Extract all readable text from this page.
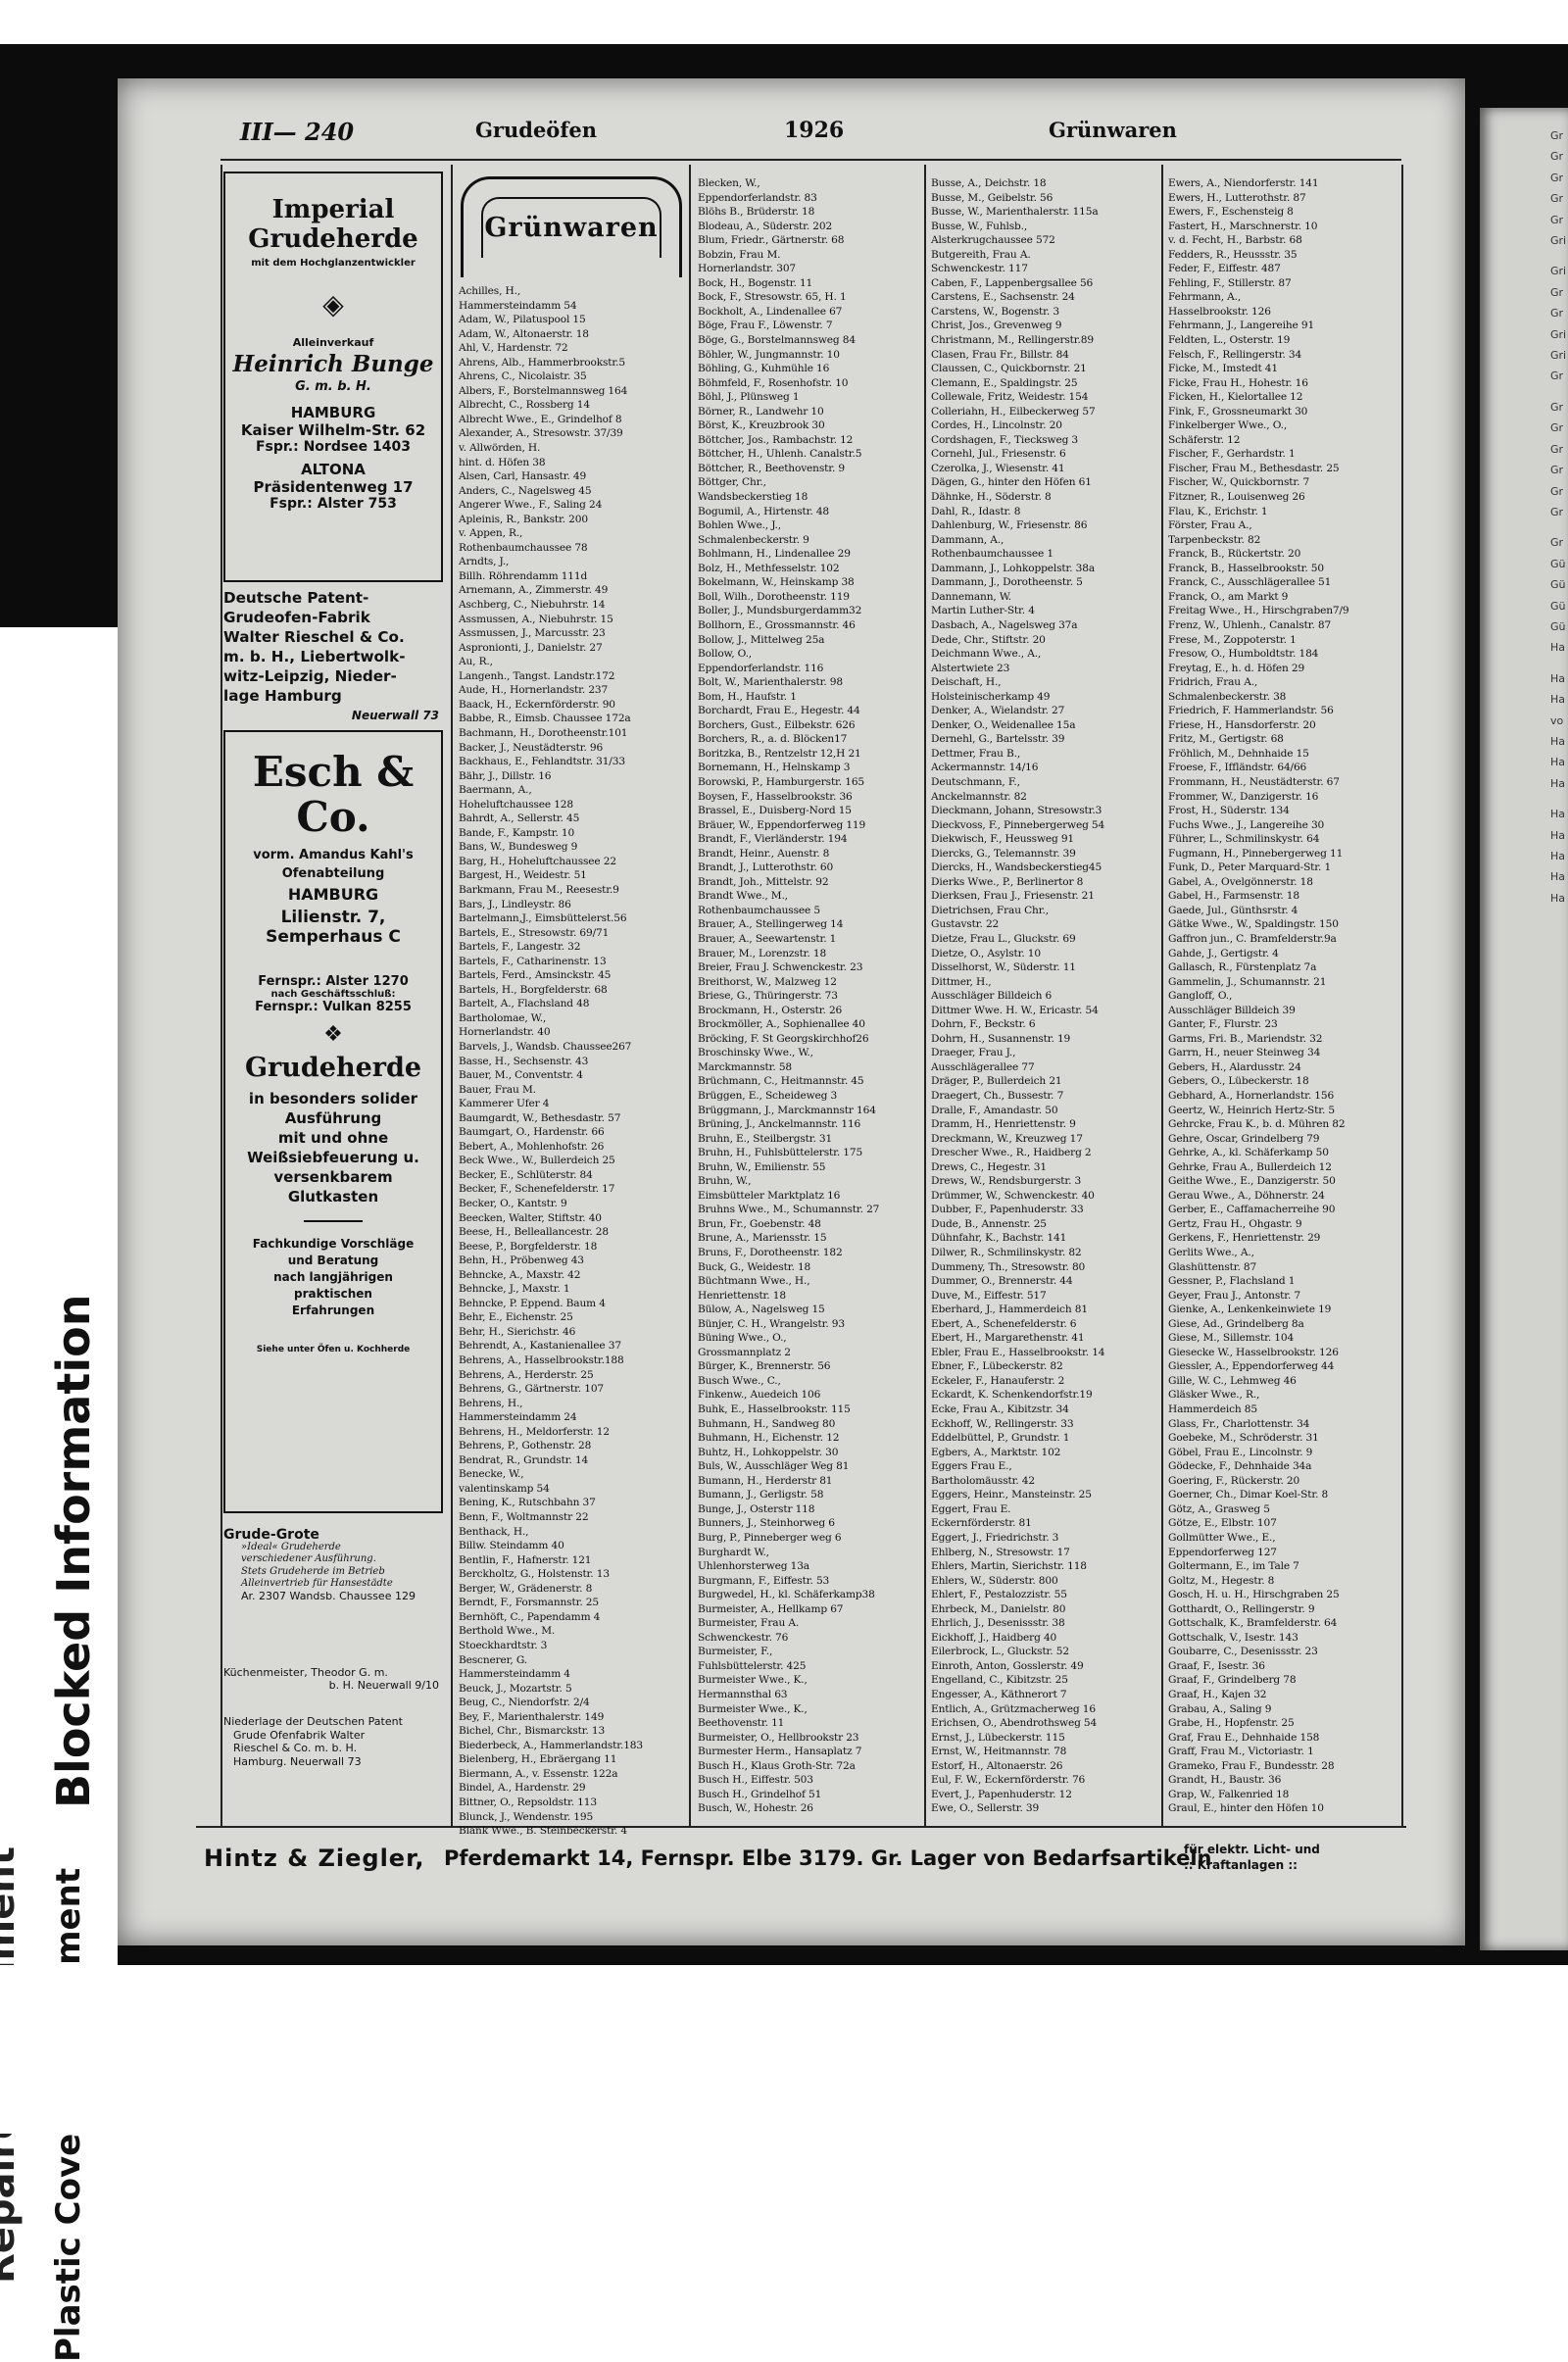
Blocked Information
Gr
Gr
Gr
Gr
Gr
Gri
Gri
Gr
Gr
Gri
Gri
Gr
Gr
Gr
Gr
Gr
Gr
Gr
Gr
Gü
Gü
Gü
Gü
Ha
Ha
Ha
vo
Ha
Ha
Ha
Ha
Ha
Ha
Ha
Ha
III— 240	Grudeöfen	1926	Grünwaren
Imperial Grudeherde
mit dem Hochglanzentwickler
◈
Alleinverkauf
Heinrich Bunge
G. m. b. H.
HAMBURG
Kaiser Wilhelm-Str. 62
Fspr.: Nordsee 1403
ALTONA
Präsidentenweg 17
Fspr.: Alster 753
Deutsche Patent-
Grudeofen-Fabrik
Walter Rieschel & Co.
m. b. H., Liebertwolk-
witz-Leipzig, Nieder-
lage Hamburg
Neuerwall 73
Esch & Co.
vorm. Amandus Kahl's
Ofenabteilung
HAMBURG
Lilienstr. 7, Semperhaus C
Fernspr.: Alster 1270
nach Geschäftsschluß:
Fernspr.: Vulkan 8255
❖
Grudeherde
in besonders solider
Ausführung
mit und ohne
Weißsiebfeuerung u.
versenkbarem
Glutkasten
Fachkundige Vorschläge
und Beratung
nach langjährigen
praktischen
Erfahrungen
Siehe unter Öfen u. Kochherde
Grude-Grote
»Ideal« Grudeherde
verschiedener Ausführung.
Stets Grudeherde im Betrieb
Alleinvertrieb für Hansestädte
Ar. 2307 Wandsb. Chaussee 129
Küchenmeister, Theodor G. m.
b. H. Neuerwall 9/10
Niederlage der Deutschen Patent
Grude Ofenfabrik Walter
Rieschel & Co. m. b. H.
Hamburg. Neuerwall 73
Grünwaren
Achilles, H.,
Hammersteindamm 54
Adam, W., Pilatuspool 15
Adam, W., Altonaerstr. 18
Ahl, V., Hardenstr. 72
Ahrens, Alb., Hammerbrookstr.5
Ahrens, C., Nicolaistr. 35
Albers, F., Borstelmannsweg 164
Albrecht, C., Rossberg 14
Albrecht Wwe., E., Grindelhof 8
Alexander, A., Stresowstr. 37/39
v. Allwörden, H.
hint. d. Höfen 38
Alsen, Carl, Hansastr. 49
Anders, C., Nagelsweg 45
Angerer Wwe., F., Saling 24
Apleinis, R., Bankstr. 200
v. Appen, R.,
Rothenbaumchaussee 78
Arndts, J.,
Billh. Röhrendamm 111d
Arnemann, A., Zimmerstr. 49
Aschberg, C., Niebuhrstr. 14
Assmussen, A., Niebuhrstr. 15
Assmussen, J., Marcusstr. 23
Aspronionti, J., Danielstr. 27
Au, R.,
Langenh., Tangst. Landstr.172
Aude, H., Hornerlandstr. 237
Baack, H., Eckernförderstr. 90
Babbe, R., Eimsb. Chaussee 172a
Bachmann, H., Dorotheenstr.101
Backer, J., Neustädterstr. 96
Backhaus, E., Fehlandtstr. 31/33
Bähr, J., Dillstr. 16
Baermann, A.,
Hoheluftchaussee 128
Bahrdt, A., Sellerstr. 45
Bande, F., Kampstr. 10
Bans, W., Bundesweg 9
Barg, H., Hoheluftchaussee 22
Bargest, H., Weidestr. 51
Barkmann, Frau M., Reesestr.9
Bars, J., Lindleystr. 86
Bartelmann,J., Eimsbüttelerst.56
Bartels, E., Stresowstr. 69/71
Bartels, F., Langestr. 32
Bartels, F., Catharinenstr. 13
Bartels, Ferd., Amsinckstr. 45
Bartels, H., Borgfelderstr. 68
Bartelt, A., Flachsland 48
Bartholomae, W.,
Hornerlandstr. 40
Barvels, J., Wandsb. Chaussee267
Basse, H., Sechsenstr. 43
Bauer, M., Conventstr. 4
Bauer, Frau M.
Kammerer Ufer 4
Baumgardt, W., Bethesdastr. 57
Baumgart, O., Hardenstr. 66
Bebert, A., Mohlenhofstr. 26
Beck Wwe., W., Bullerdeich 25
Becker, E., Schlüterstr. 84
Becker, F., Schenefelderstr. 17
Becker, O., Kantstr. 9
Beecken, Walter, Stiftstr. 40
Beese, H., Belleallancestr. 28
Beese, P., Borgfelderstr. 18
Behn, H., Pröbenweg 43
Behncke, A., Maxstr. 42
Behncke, J., Maxstr. 1
Behncke, P. Eppend. Baum 4
Behr, E., Eichenstr. 25
Behr, H., Sierichstr. 46
Behrendt, A., Kastanienallee 37
Behrens, A., Hasselbrookstr.188
Behrens, A., Herderstr. 25
Behrens, G., Gärtnerstr. 107
Behrens, H.,
Hammersteindamm 24
Behrens, H., Meldorferstr. 12
Behrens, P., Gothenstr. 28
Bendrat, R., Grundstr. 14
Benecke, W.,
valentinskamp 54
Bening, K., Rutschbahn 37
Benn, F., Woltmannstr 22
Benthack, H.,
Billw. Steindamm 40
Bentlin, F., Hafnerstr. 121
Berckholtz, G., Holstenstr. 13
Berger, W., Grädenerstr. 8
Berndt, F., Forsmannstr. 25
Bernhöft, C., Papendamm 4
Berthold Wwe., M.
Stoeckhardtstr. 3
Bescnerer, G.
Hammersteindamm 4
Beuck, J., Mozartstr. 5
Beug, C., Niendorfstr. 2/4
Bey, F., Marienthalerstr. 149
Bichel, Chr., Bismarckstr. 13
Biederbeck, A., Hammerlandstr.183
Bielenberg, H., Ebräergang 11
Biermann, A., v. Essenstr. 122a
Bindel, A., Hardenstr. 29
Bittner, O., Repsoldstr. 113
Blunck, J., Wendenstr. 195
Blank Wwe., B. Steinbeckerstr. 4
Blecken, W.,
Eppendorferlandstr. 83
Blöhs B., Brüderstr. 18
Blodeau, A., Süderstr. 202
Blum, Friedr., Gärtnerstr. 68
Bobzin, Frau M.
Hornerlandstr. 307
Bock, H., Bogenstr. 11
Bock, F., Stresowstr. 65, H. 1
Bockholt, A., Lindenallee 67
Böge, Frau F., Löwenstr. 7
Böge, G., Borstelmannsweg 84
Böhler, W., Jungmannstr. 10
Böhling, G., Kuhmühle 16
Böhmfeld, F., Rosenhofstr. 10
Böhl, J., Plünsweg 1
Börner, R., Landwehr 10
Börst, K., Kreuzbrook 30
Böttcher, Jos., Rambachstr. 12
Böttcher, H., Uhlenh. Canalstr.5
Böttcher, R., Beethovenstr. 9
Böttger, Chr.,
Wandsbeckerstieg 18
Bogumil, A., Hirtenstr. 48
Bohlen Wwe., J.,
Schmalenbeckerstr. 9
Bohlmann, H., Lindenallee 29
Bolz, H., Methfesselstr. 102
Bokelmann, W., Heinskamp 38
Boll, Wilh., Dorotheenstr. 119
Boller, J., Mundsburgerdamm32
Bollhorn, E., Grossmannstr. 46
Bollow, J., Mittelweg 25a
Bollow, O.,
Eppendorferlandstr. 116
Bolt, W., Marienthalerstr. 98
Bom, H., Haufstr. 1
Borchardt, Frau E., Hegestr. 44
Borchers, Gust., Eilbekstr. 626
Borchers, R., a. d. Blöcken17
Boritzka, B., Rentzelstr 12,H 21
Bornemann, H., Helnskamp 3
Borowski, P., Hamburgerstr. 165
Boysen, F., Hasselbrookstr. 36
Brassel, E., Duisberg-Nord 15
Bräuer, W., Eppendorferweg 119
Brandt, F., Vierländerstr. 194
Brandt, Heinr., Auenstr. 8
Brandt, J., Lutterothstr. 60
Brandt, Joh., Mittelstr. 92
Brandt Wwe., M.,
Rothenbaumchaussee 5
Brauer, A., Stellingerweg 14
Brauer, A., Seewartenstr. 1
Brauer, M., Lorenzstr. 18
Breier, Frau J. Schwenckestr. 23
Breithorst, W., Malzweg 12
Briese, G., Thüringerstr. 73
Brockmann, H., Osterstr. 26
Brockmöller, A., Sophienallee 40
Bröcking, F. St Georgskirchhof26
Broschinsky Wwe., W.,
Marckmannstr. 58
Brüchmann, C., Heitmannstr. 45
Brüggen, E., Scheideweg 3
Brüggmann, J., Marckmannstr 164
Brüning, J., Anckelmannstr. 116
Bruhn, E., Steilbergstr. 31
Bruhn, H., Fuhlsbüttelerstr. 175
Bruhn, W., Emilienstr. 55
Bruhn, W.,
Eimsbütteler Marktplatz 16
Bruhns Wwe., M., Schumannstr. 27
Brun, Fr., Goebenstr. 48
Brune, A., Mariensstr. 15
Bruns, F., Dorotheenstr. 182
Buck, G., Weidestr. 18
Büchtmann Wwe., H.,
Henriettenstr. 18
Bülow, A., Nagelsweg 15
Bünjer, C. H., Wrangelstr. 93
Büning Wwe., O.,
Grossmannplatz 2
Bürger, K., Brennerstr. 56
Busch Wwe., C.,
Finkenw., Auedeich 106
Buhk, E., Hasselbrookstr. 115
Buhmann, H., Sandweg 80
Buhmann, H., Eichenstr. 12
Buhtz, H., Lohkoppelstr. 30
Buls, W., Ausschläger Weg 81
Bumann, H., Herderstr 81
Bumann, J., Gerligstr. 58
Bunge, J., Osterstr 118
Bunners, J., Steinhorweg 6
Burg, P., Pinneberger weg 6
Burghardt W.,
Uhlenhorsterweg 13a
Burgmann, F., Eiffestr. 53
Burgwedel, H., kl. Schäferkamp38
Burmeister, A., Hellkamp 67
Burmeister, Frau A.
Schwenckestr. 76
Burmeister, F.,
Fuhlsbüttelerstr. 425
Burmeister Wwe., K.,
Hermannsthal 63
Burmeister Wwe., K.,
Beethovenstr. 11
Burmeister, O., Hellbrookstr 23
Burmester Herm., Hansaplatz 7
Busch H., Klaus Groth-Str. 72a
Busch H., Eiffestr. 503
Busch H., Grindelhof 51
Busch, W., Hohestr. 26
Busse, A., Deichstr. 18
Busse, M., Geibelstr. 56
Busse, W., Marienthalerstr. 115a
Busse, W., Fuhlsb.,
Alsterkrugchaussee 572
Butgereith, Frau A.
Schwenckestr. 117
Caben, F., Lappenbergsallee 56
Carstens, E., Sachsenstr. 24
Carstens, W., Bogenstr. 3
Christ, Jos., Grevenweg 9
Christmann, M., Rellingerstr.89
Clasen, Frau Fr., Billstr. 84
Claussen, C., Quickbornstr. 21
Clemann, E., Spaldingstr. 25
Collewale, Fritz, Weidestr. 154
Colleriahn, H., Eilbeckerweg 57
Cordes, H., Lincolnstr. 20
Cordshagen, F., Tiecksweg 3
Cornehl, Jul., Friesenstr. 6
Czerolka, J., Wiesenstr. 41
Dägen, G., hinter den Höfen 61
Dähnke, H., Söderstr. 8
Dahl, R., Idastr. 8
Dahlenburg, W., Friesenstr. 86
Dammann, A.,
Rothenbaumchaussee 1
Dammann, J., Lohkoppelstr. 38a
Dammann, J., Dorotheenstr. 5
Dannemann, W.
Martin Luther-Str. 4
Dasbach, A., Nagelsweg 37a
Dede, Chr., Stiftstr. 20
Deichmann Wwe., A.,
Alstertwiete 23
Deischaft, H.,
Holsteinischerkamp 49
Denker, A., Wielandstr. 27
Denker, O., Weidenallee 15a
Dernehl, G., Bartelsstr. 39
Dettmer, Frau B.,
Ackermannstr. 14/16
Deutschmann, F.,
Anckelmannstr. 82
Dieckmann, Johann, Stresowstr.3
Dieckvoss, F., Pinnebergerweg 54
Diekwisch, F., Heussweg 91
Diercks, G., Telemannstr. 39
Diercks, H., Wandsbeckerstieg45
Dierks Wwe., P., Berlinertor 8
Dierksen, Frau J., Friesenstr. 21
Dietrichsen, Frau Chr.,
Gustavstr. 22
Dietze, Frau L., Gluckstr. 69
Dietze, O., Asylstr. 10
Disselhorst, W., Süderstr. 11
Dittmer, H.,
Ausschläger Billdeich 6
Dittmer Wwe. H. W., Ericastr. 54
Dohrn, F., Beckstr. 6
Dohrn, H., Susannenstr. 19
Draeger, Frau J.,
Ausschlägerallee 77
Dräger, P., Bullerdeich 21
Draegert, Ch., Bussestr. 7
Dralle, F., Amandastr. 50
Dramm, H., Henriettenstr. 9
Dreckmann, W., Kreuzweg 17
Drescher Wwe., R., Haidberg 2
Drews, C., Hegestr. 31
Drews, W., Rendsburgerstr. 3
Drümmer, W., Schwenckestr. 40
Dubber, F., Papenhuderstr. 33
Dude, B., Annenstr. 25
Dühnfahr, K., Bachstr. 141
Dilwer, R., Schmilinskystr. 82
Dummeny, Th., Stresowstr. 80
Dummer, O., Brennerstr. 44
Duve, M., Eiffestr. 517
Eberhard, J., Hammerdeich 81
Ebert, A., Schenefelderstr. 6
Ebert, H., Margarethenstr. 41
Ebler, Frau E., Hasselbrookstr. 14
Ebner, F., Lübeckerstr. 82
Eckeler, F., Hanauferstr. 2
Eckardt, K. Schenkendorfstr.19
Ecke, Frau A., Kibitzstr. 34
Eckhoff, W., Rellingerstr. 33
Eddelbüttel, P., Grundstr. 1
Egbers, A., Marktstr. 102
Eggers Frau E.,
Bartholomäusstr. 42
Eggers, Heinr., Mansteinstr. 25
Eggert, Frau E.
Eckernförderstr. 81
Eggert, J., Friedrichstr. 3
Ehlberg, N., Stresowstr. 17
Ehlers, Martin, Sierichstr. 118
Ehlers, W., Süderstr. 800
Ehlert, F., Pestalozzistr. 55
Ehrbeck, M., Danielstr. 80
Ehrlich, J., Desenissstr. 38
Eickhoff, J., Haidberg 40
Eilerbrock, L., Gluckstr. 52
Einroth, Anton, Gosslerstr. 49
Engelland, C., Kibitzstr. 25
Engesser, A., Käthnerort 7
Entlich, A., Grützmacherweg 16
Erichsen, O., Abendrothsweg 54
Ernst, J., Lübeckerstr. 115
Ernst, W., Heitmannstr. 78
Estorf, H., Altonaerstr. 26
Eul, F. W., Eckernförderstr. 76
Evert, J., Papenhuderstr. 12
Ewe, O., Sellerstr. 39
Ewers, A., Niendorferstr. 141
Ewers, H., Lutterothstr. 87
Ewers, F., Eschensteig 8
Fastert, H., Marschnerstr. 10
v. d. Fecht, H., Barbstr. 68
Fedders, R., Heussstr. 35
Feder, F., Eiffestr. 487
Fehling, F., Stillerstr. 87
Fehrmann, A.,
Hasselbrookstr. 126
Fehrmann, J., Langereihe 91
Feldten, L., Osterstr. 19
Felsch, F., Rellingerstr. 34
Ficke, M., Imstedt 41
Ficke, Frau H., Hohestr. 16
Ficken, H., Kielortallee 12
Fink, F., Grossneumarkt 30
Finkelberger Wwe., O.,
Schäferstr. 12
Fischer, F., Gerhardstr. 1
Fischer, Frau M., Bethesdastr. 25
Fischer, W., Quickbornstr. 7
Fitzner, R., Louisenweg 26
Flau, K., Erichstr. 1
Förster, Frau A.,
Tarpenbeckstr. 82
Franck, B., Rückertstr. 20
Franck, B., Hasselbrookstr. 50
Franck, C., Ausschlägerallee 51
Franck, O., am Markt 9
Freitag Wwe., H., Hirschgraben7/9
Frenz, W., Uhlenh., Canalstr. 87
Frese, M., Zoppoterstr. 1
Fresow, O., Humboldtstr. 184
Freytag, E., h. d. Höfen 29
Fridrich, Frau A.,
Schmalenbeckerstr. 38
Friedrich, F. Hammerlandstr. 56
Friese, H., Hansdorferstr. 20
Fritz, M., Gertigstr. 68
Fröhlich, M., Dehnhaide 15
Froese, F., Iffländstr. 64/66
Frommann, H., Neustädterstr. 67
Frommer, W., Danzigerstr. 16
Frost, H., Süderstr. 134
Fuchs Wwe., J., Langereihe 30
Führer, L., Schmilinskystr. 64
Fugmann, H., Pinnebergerweg 11
Funk, D., Peter Marquard-Str. 1
Gabel, A., Ovelgönnerstr. 18
Gabel, H., Farmsenstr. 18
Gaede, Jul., Günthsrstr. 4
Gätke Wwe., W., Spaldingstr. 150
Gaffron jun., C. Bramfelderstr.9a
Gahde, J., Gertigstr. 4
Gallasch, R., Fürstenplatz 7a
Gammelin, J., Schumannstr. 21
Gangloff, O.,
Ausschläger Billdeich 39
Ganter, F., Flurstr. 23
Garms, Fri. B., Mariendstr. 32
Garrn, H., neuer Steinweg 34
Gebers, H., Alardusstr. 24
Gebers, O., Lübeckerstr. 18
Gebhard, A., Hornerlandstr. 156
Geertz, W., Heinrich Hertz-Str. 5
Gehrcke, Frau K., b. d. Mühren 82
Gehre, Oscar, Grindelberg 79
Gehrke, A., kl. Schäferkamp 50
Gehrke, Frau A., Bullerdeich 12
Geithe Wwe., E., Danzigerstr. 50
Gerau Wwe., A., Döhnerstr. 24
Gerber, E., Caffamacherreihe 90
Gertz, Frau H., Ohgastr. 9
Gerkens, F., Henriettenstr. 29
Gerlits Wwe., A.,
Glashüttenstr. 87
Gessner, P., Flachsland 1
Geyer, Frau J., Antonstr. 7
Gienke, A., Lenkenkeinwiete 19
Giese, Ad., Grindelberg 8a
Giese, M., Sillemstr. 104
Giesecke W., Hasselbrookstr. 126
Giessler, A., Eppendorferweg 44
Gille, W. C., Lehmweg 46
Gläsker Wwe., R.,
Hammerdeich 85
Glass, Fr., Charlottenstr. 34
Goebeke, M., Schröderstr. 31
Göbel, Frau E., Lincolnstr. 9
Gödecke, F., Dehnhaide 34a
Goering, F., Rückerstr. 20
Goerner, Ch., Dimar Koel-Str. 8
Götz, A., Grasweg 5
Götze, E., Elbstr. 107
Gollmütter Wwe., E.,
Eppendorferweg 127
Goltermann, E., im Tale 7
Goltz, M., Hegestr. 8
Gosch, H. u. H., Hirschgraben 25
Gotthardt, O., Rellingerstr. 9
Gottschalk, K., Bramfelderstr. 64
Gottschalk, V., Isestr. 143
Goubarre, C., Desenissstr. 23
Graaf, F., Isestr. 36
Graaf, F., Grindelberg 78
Graaf, H., Kajen 32
Grabau, A., Saling 9
Grabe, H., Hopfenstr. 25
Graf, Frau E., Dehnhaide 158
Graff, Frau M., Victoriastr. 1
Grameko, Frau F., Bundesstr. 28
Grandt, H., Baustr. 36
Grap, W., Falkenried 18
Graul, E., hinter den Höfen 10
Hintz & Ziegler, Pferdemarkt 14, Fernspr. Elbe 3179. Gr. Lager von Bedarfsartikeln
für elektr. Licht- und
:: Kraftanlagen ::
